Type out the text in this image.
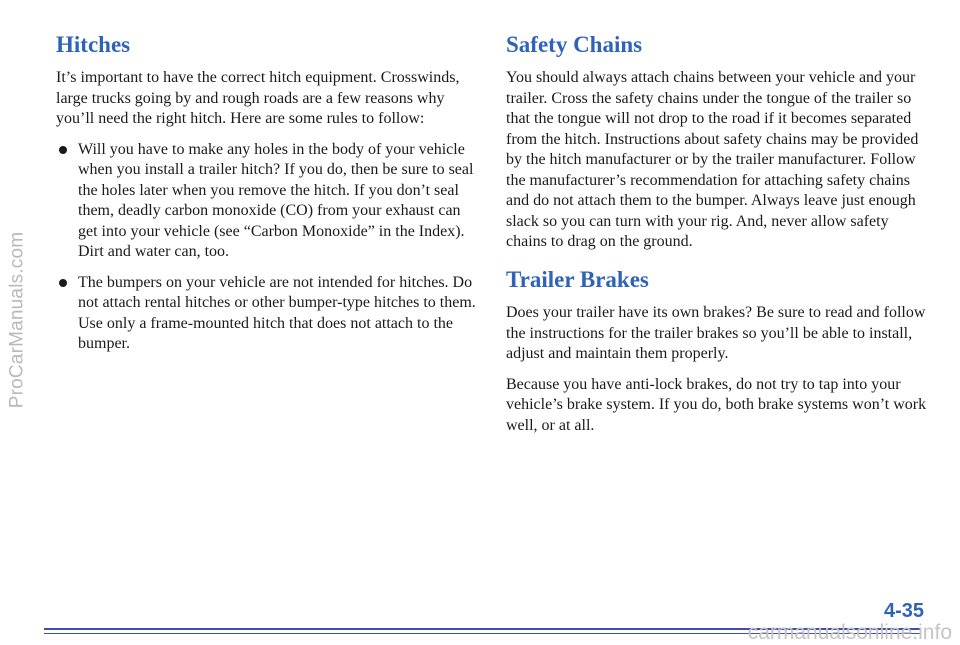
ProCarManuals.com
Hitches

It’s important to have the correct hitch equipment. Crosswinds, large trucks going by and rough roads are a few reasons why you’ll need the right hitch. Here are some rules to follow:

Will you have to make any holes in the body of your vehicle when you install a trailer hitch? If you do, then be sure to seal the holes later when you remove the hitch. If you don’t seal them, deadly carbon monoxide (CO) from your exhaust can get into your vehicle (see “Carbon Monoxide” in the Index). Dirt and water can, too.
The bumpers on your vehicle are not intended for hitches. Do not attach rental hitches or other bumper-type hitches to them. Use only a frame-mounted hitch that does not attach to the bumper.
Safety Chains

You should always attach chains between your vehicle and your trailer. Cross the safety chains under the tongue of the trailer so that the tongue will not drop to the road if it becomes separated from the hitch. Instructions about safety chains may be provided by the hitch manufacturer or by the trailer manufacturer. Follow the manufacturer’s recommendation for attaching safety chains and do not attach them to the bumper. Always leave just enough slack so you can turn with your rig. And, never allow safety chains to drag on the ground.

Trailer Brakes

Does your trailer have its own brakes? Be sure to read and follow the instructions for the trailer brakes so you’ll be able to install, adjust and maintain them properly.

Because you have anti-lock brakes, do not try to tap into your vehicle’s brake system. If you do, both brake systems won’t work well, or at all.

4-35
carmanualsonline.info
